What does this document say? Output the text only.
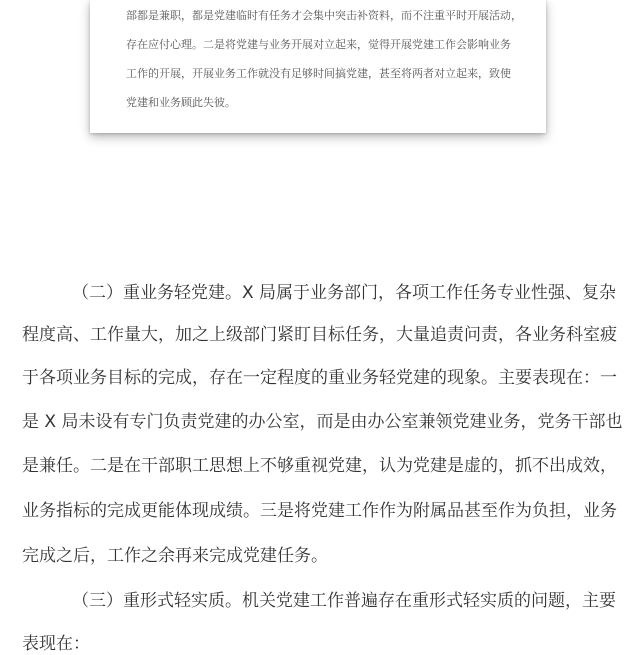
部都是兼职，都是党建临时有任务才会集中突击补资料，而不注重平时开展活动，
存在应付心理。二是将党建与业务开展对立起来，觉得开展党建工作会影响业务
工作的开展，开展业务工作就没有足够时间搞党建，甚至将两者对立起来，致使
党建和业务顾此失彼。
（二）重业务轻党建。X 局属于业务部门，各项工作任务专业性强、复杂
程度高、工作量大，加之上级部门紧盯目标任务，大量追责问责，各业务科室疲
于各项业务目标的完成，存在一定程度的重业务轻党建的现象。主要表现在：一
是 X 局未设有专门负责党建的办公室，而是由办公室兼领党建业务，党务干部也
是兼任。二是在干部职工思想上不够重视党建，认为党建是虚的，抓不出成效，
业务指标的完成更能体现成绩。三是将党建工作作为附属品甚至作为负担，业务
完成之后，工作之余再来完成党建任务。
（三）重形式轻实质。机关党建工作普遍存在重形式轻实质的问题，主要
表现在：
